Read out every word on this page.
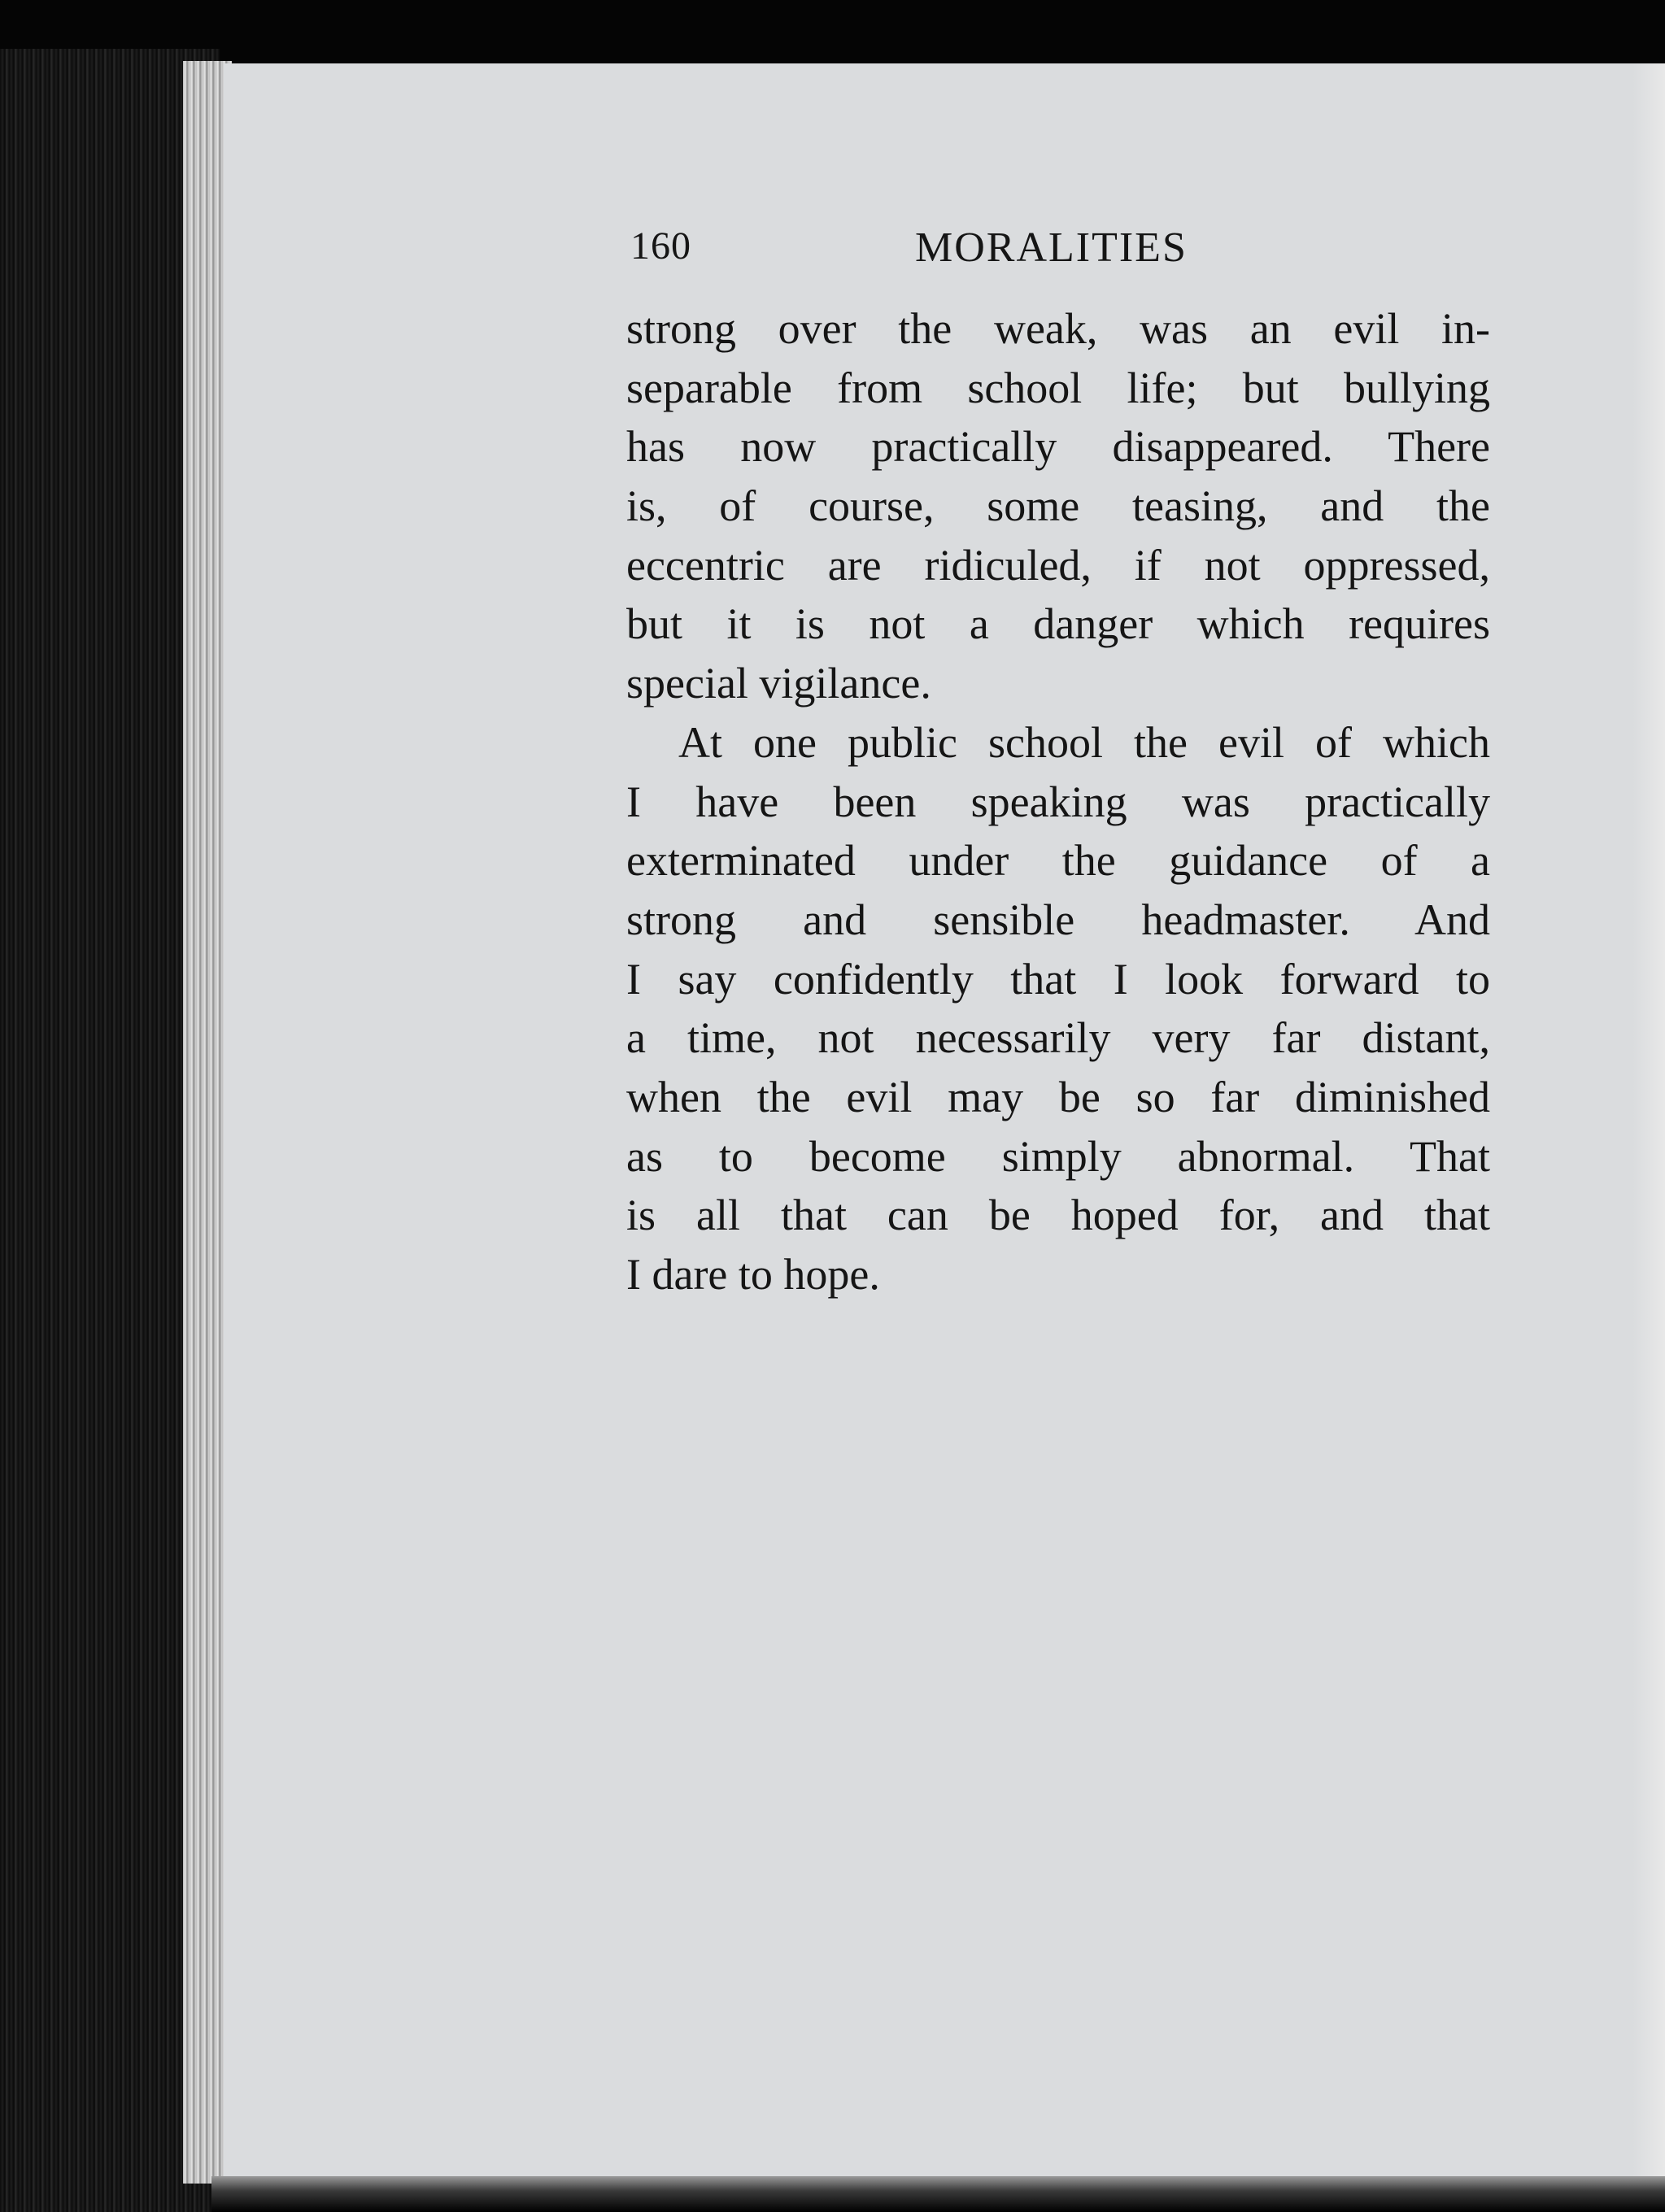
160	MORALITIES
strong over the weak, was an evil in-
separable from school life; but bullying
has now practically disappeared. There
is, of course, some teasing, and the
eccentric are ridiculed, if not oppressed,
but it is not a danger which requires
special vigilance.
At one public school the evil of which
I have been speaking was practically
exterminated under the guidance of a
strong and sensible headmaster. And
I say confidently that I look forward to
a time, not necessarily very far distant,
when the evil may be so far diminished
as to become simply abnormal. That
is all that can be hoped for, and that
I dare to hope.
